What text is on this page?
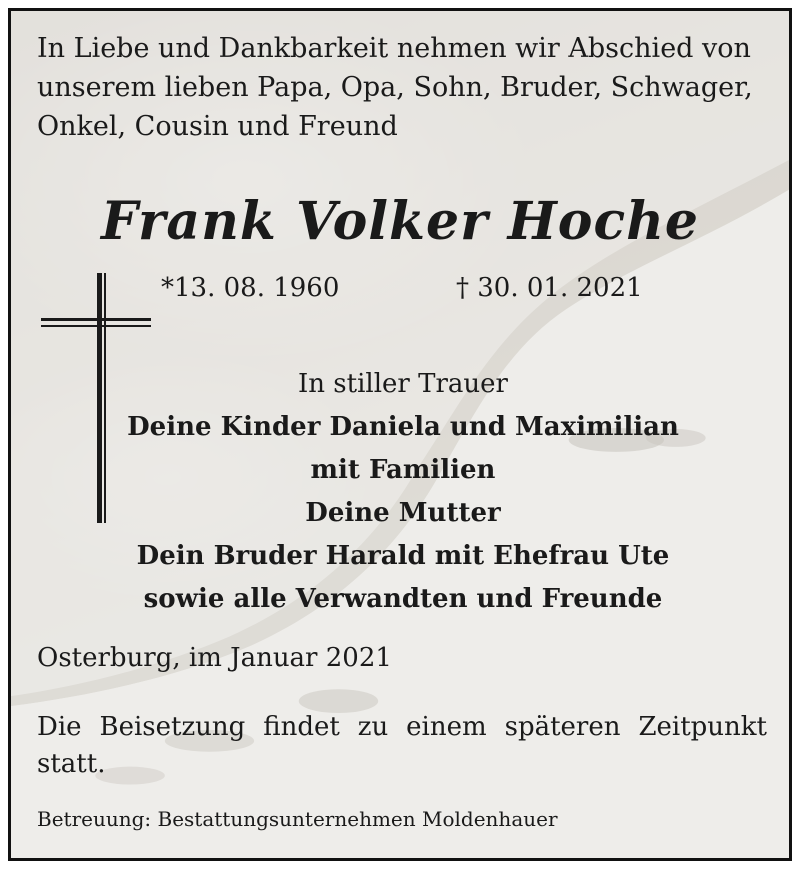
In Liebe und Dankbarkeit nehmen wir Abschied von
unserem lieben Papa, Opa, Sohn, Bruder, Schwager,
Onkel, Cousin und Freund
Frank Volker Hoche
*13. 08. 1960	† 30. 01. 2021
In stiller Trauer
Deine Kinder Daniela und Maximilian
mit Familien
Deine Mutter
Dein Bruder Harald mit Ehefrau Ute
sowie alle Verwandten und Freunde
Osterburg, im Januar 2021
Die Beisetzung findet zu einem späteren Zeitpunkt statt.
Betreuung: Bestattungsunternehmen Moldenhauer
